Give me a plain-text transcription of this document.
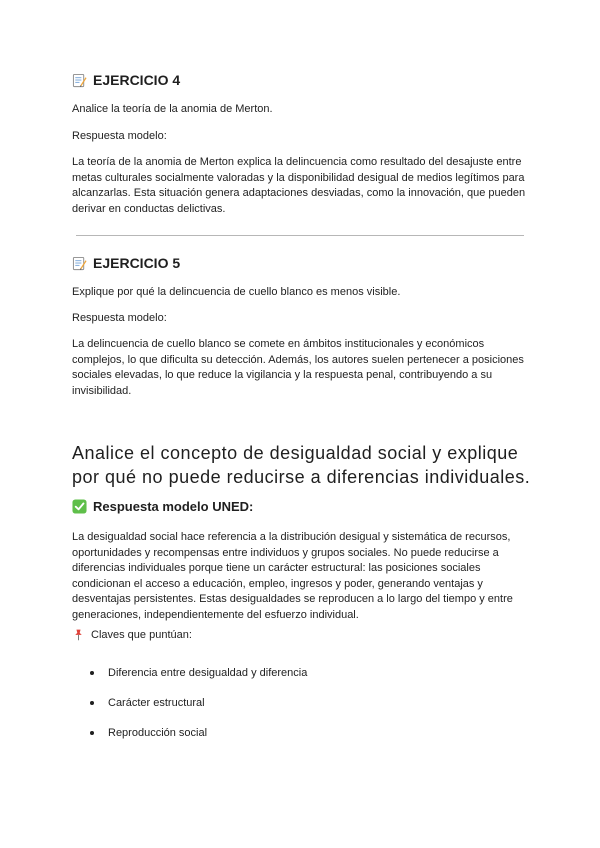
EJERCICIO 4

Analice la teoría de la anomia de Merton.

Respuesta modelo:

La teoría de la anomia de Merton explica la delincuencia como resultado del desajuste entre metas culturales socialmente valoradas y la disponibilidad desigual de medios legítimos para alcanzarlas. Esta situación genera adaptaciones desviadas, como la innovación, que pueden derivar en conductas delictivas.

EJERCICIO 5

Explique por qué la delincuencia de cuello blanco es menos visible.

Respuesta modelo:

La delincuencia de cuello blanco se comete en ámbitos institucionales y económicos complejos, lo que dificulta su detección. Además, los autores suelen pertenecer a posiciones sociales elevadas, lo que reduce la vigilancia y la respuesta penal, contribuyendo a su invisibilidad.

Analice el concepto de desigualdad social y explique por qué no puede reducirse a diferencias individuales.
Respuesta modelo UNED:

La desigualdad social hace referencia a la distribución desigual y sistemática de recursos, oportunidades y recompensas entre individuos y grupos sociales. No puede reducirse a diferencias individuales porque tiene un carácter estructural: las posiciones sociales condicionan el acceso a educación, empleo, ingresos y poder, generando ventajas y desventajas persistentes. Estas desigualdades se reproducen a lo largo del tiempo y entre generaciones, independientemente del esfuerzo individual.

Claves que puntúan:
Diferencia entre desigualdad y diferencia
Carácter estructural
Reproducción social
